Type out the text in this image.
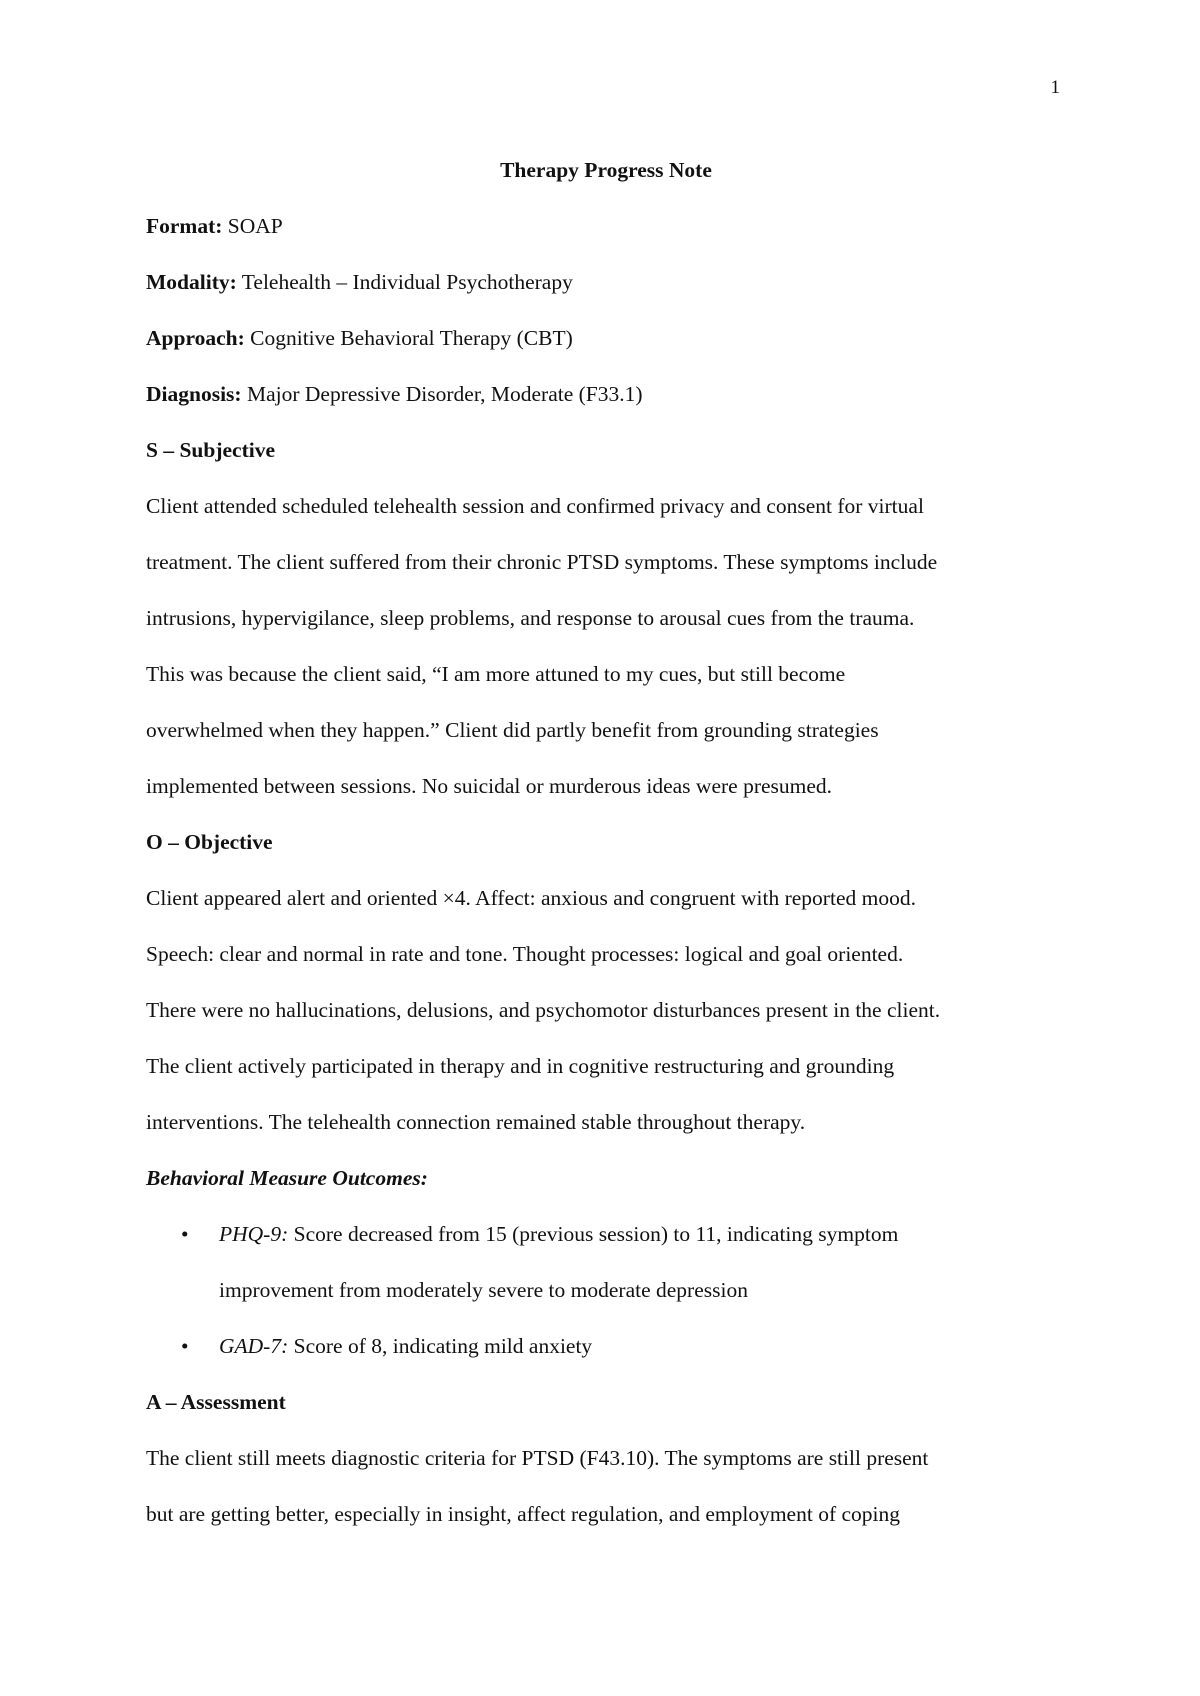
1

Therapy Progress Note

Format: SOAP

Modality: Telehealth – Individual Psychotherapy

Approach: Cognitive Behavioral Therapy (CBT)

Diagnosis: Major Depressive Disorder, Moderate (F33.1)

S – Subjective

Client attended scheduled telehealth session and confirmed privacy and consent for virtual

treatment. The client suffered from their chronic PTSD symptoms. These symptoms include

intrusions, hypervigilance, sleep problems, and response to arousal cues from the trauma.

This was because the client said, “I am more attuned to my cues, but still become

overwhelmed when they happen.” Client did partly benefit from grounding strategies

implemented between sessions. No suicidal or murderous ideas were presumed.

O – Objective

Client appeared alert and oriented ×4. Affect: anxious and congruent with reported mood.

Speech: clear and normal in rate and tone. Thought processes: logical and goal oriented.

There were no hallucinations, delusions, and psychomotor disturbances present in the client.

The client actively participated in therapy and in cognitive restructuring and grounding

interventions. The telehealth connection remained stable throughout therapy.

Behavioral Measure Outcomes:

• PHQ-9: Score decreased from 15 (previous session) to 11, indicating symptom
improvement from moderately severe to moderate depression
• GAD-7: Score of 8, indicating mild anxiety

A – Assessment

The client still meets diagnostic criteria for PTSD (F43.10). The symptoms are still present

but are getting better, especially in insight, affect regulation, and employment of coping
